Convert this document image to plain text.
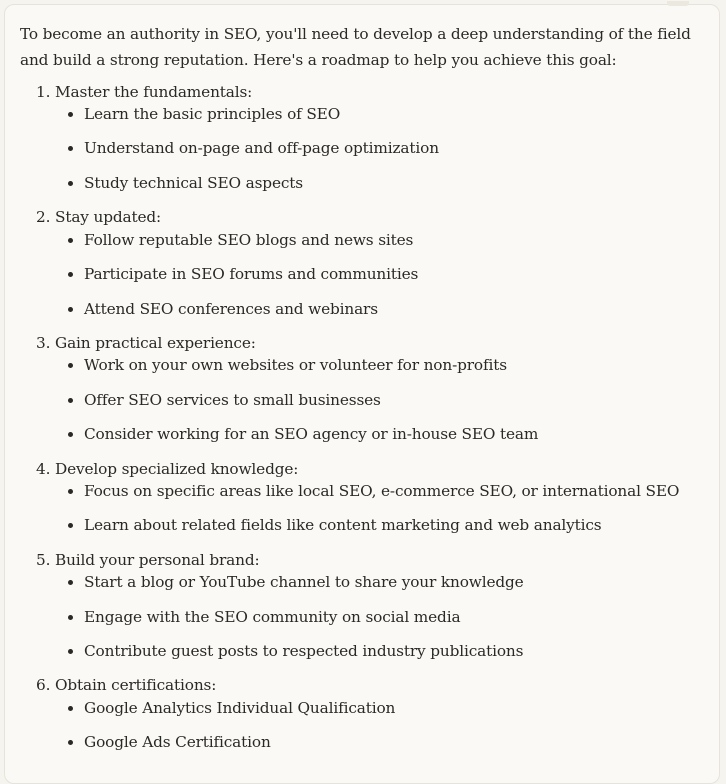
To become an authority in SEO, you'll need to develop a deep understanding of the field and build a strong reputation. Here's a roadmap to help you achieve this goal:

1. Master the fundamentals:
Learn the basic principles of SEO
Understand on-page and off-page optimization
Study technical SEO aspects
2. Stay updated:
Follow reputable SEO blogs and news sites
Participate in SEO forums and communities
Attend SEO conferences and webinars
3. Gain practical experience:
Work on your own websites or volunteer for non-profits
Offer SEO services to small businesses
Consider working for an SEO agency or in-house SEO team
4. Develop specialized knowledge:
Focus on specific areas like local SEO, e-commerce SEO, or international SEO
Learn about related fields like content marketing and web analytics
5. Build your personal brand:
Start a blog or YouTube channel to share your knowledge
Engage with the SEO community on social media
Contribute guest posts to respected industry publications
6. Obtain certifications:
Google Analytics Individual Qualification
Google Ads Certification
